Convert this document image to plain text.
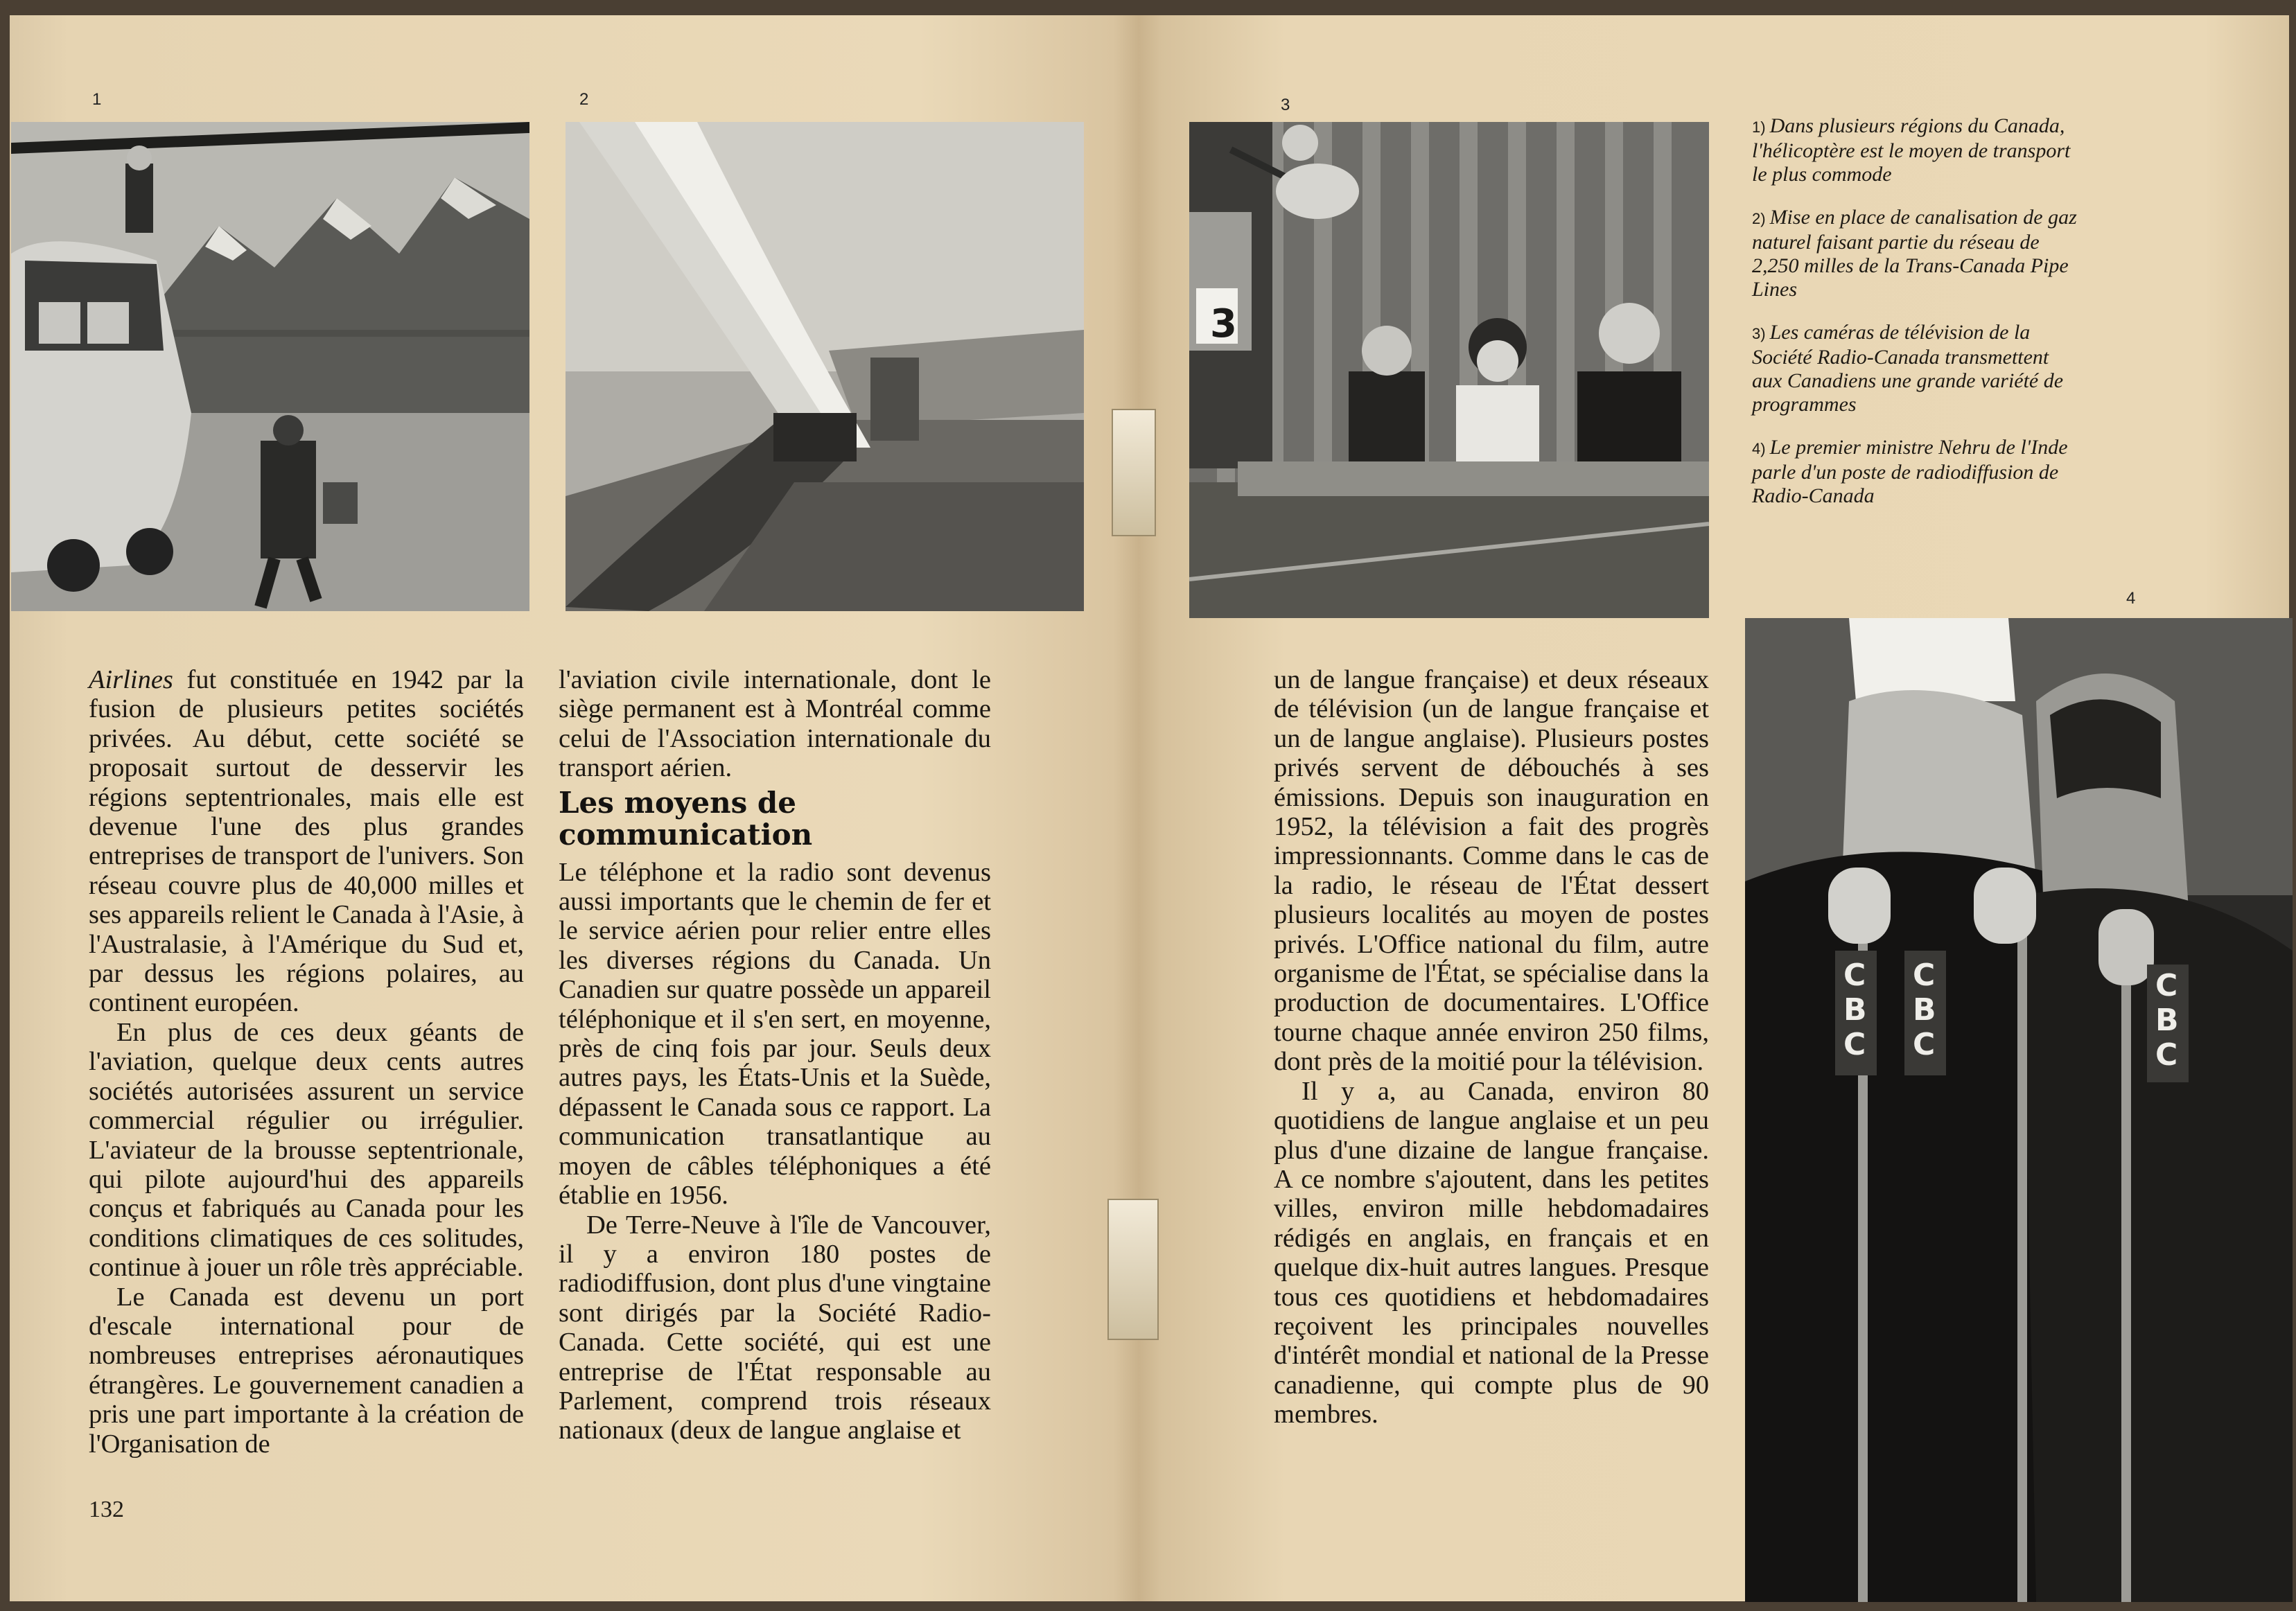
1	2	3
4
3
C
B
C
C
B
C
C
B
C

1) Dans plusieurs régions du Canada, l'hélicoptère est le moyen de transport le plus commode

2) Mise en place de canalisation de gaz naturel faisant partie du réseau de 2,250 milles de la Trans-Canada Pipe Lines

3) Les caméras de télévision de la Société Radio-Canada transmettent aux Canadiens une grande variété de programmes

4) Le premier ministre Nehru de l'Inde parle d'un poste de radiodiffusion de Radio-Canada

Airlines fut constituée en 1942 par la fusion de plusieurs petites sociétés privées. Au début, cette société se proposait surtout de desservir les régions septentrionales, mais elle est devenue l'une des plus grandes entreprises de transport de l'univers. Son réseau couvre plus de 40,000 milles et ses appareils relient le Canada à l'Asie, à l'Australasie, à l'Amérique du Sud et, par dessus les régions polaires, au continent européen.

En plus de ces deux géants de l'aviation, quelque deux cents autres sociétés autorisées assurent un service commercial régulier ou irrégulier. L'aviateur de la brousse septentrionale, qui pilote aujourd'hui des appareils conçus et fabriqués au Canada pour les conditions climatiques de ces solitudes, continue à jouer un rôle très appréciable.

Le Canada est devenu un port d'escale international pour de nombreuses entreprises aéronautiques étrangères. Le gouvernement canadien a pris une part importante à la création de l'Organisation de

l'aviation civile internationale, dont le siège permanent est à Montréal comme celui de l'Association internationale du transport aérien.

Les moyens de communication

Le téléphone et la radio sont devenus aussi importants que le chemin de fer et le service aérien pour relier entre elles les diverses régions du Canada. Un Canadien sur quatre possède un appareil téléphonique et il s'en sert, en moyenne, près de cinq fois par jour. Seuls deux autres pays, les États-Unis et la Suède, dépassent le Canada sous ce rapport. La communication transatlantique au moyen de câbles téléphoniques a été établie en 1956.

De Terre-Neuve à l'île de Vancouver, il y a environ 180 postes de radiodiffusion, dont plus d'une vingtaine sont dirigés par la Société Radio-Canada. Cette société, qui est une entreprise de l'État responsable au Parlement, comprend trois réseaux nationaux (deux de langue anglaise et

un de langue française) et deux réseaux de télévision (un de langue française et un de langue anglaise). Plusieurs postes privés servent de débouchés à ses émissions. Depuis son inauguration en 1952, la télévision a fait des progrès impressionnants. Comme dans le cas de la radio, le réseau de l'État dessert plusieurs localités au moyen de postes privés. L'Office national du film, autre organisme de l'État, se spécialise dans la production de documentaires. L'Office tourne chaque année environ 250 films, dont près de la moitié pour la télévision.

Il y a, au Canada, environ 80 quotidiens de langue anglaise et un peu plus d'une dizaine de langue française. A ce nombre s'ajoutent, dans les petites villes, environ mille hebdomadaires rédigés en anglais, en français et en quelque dix-huit autres langues. Presque tous ces quotidiens et hebdomadaires reçoivent les principales nouvelles d'intérêt mondial et national de la Presse canadienne, qui compte plus de 90 membres.

132
